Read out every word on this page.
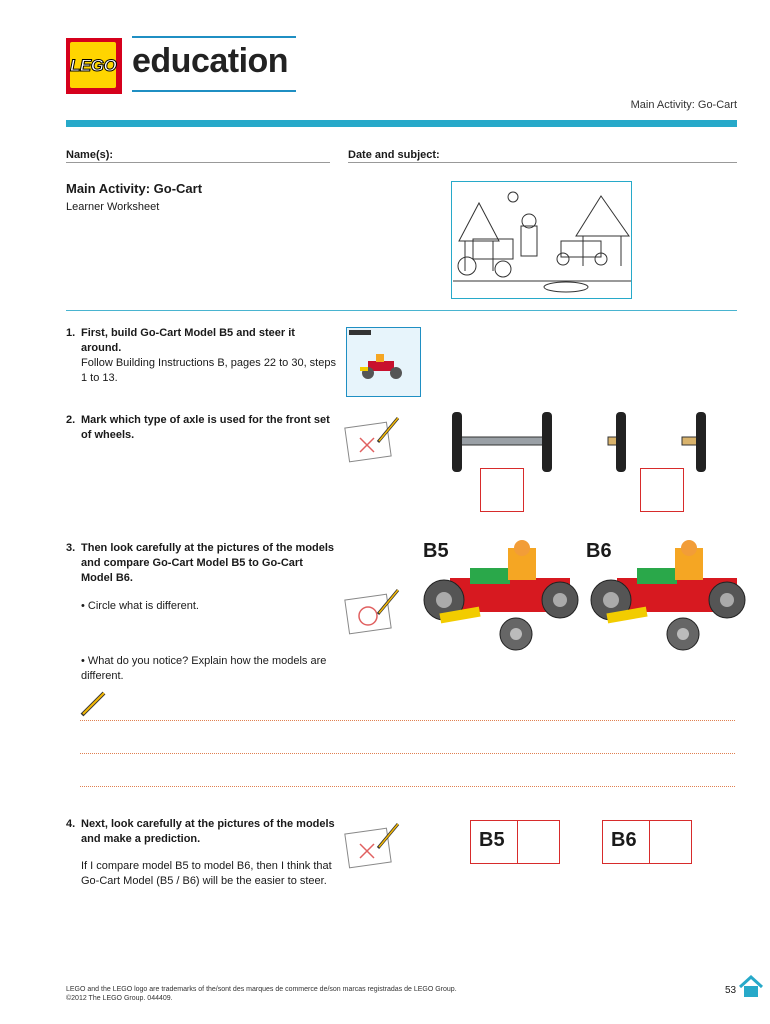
LEGO education
Main Activity: Go-Cart
Name(s):	Date and subject:
Main Activity: Go-Cart
Learner Worksheet
1. First, build Go-Cart Model B5 and steer it around.
Follow Building Instructions B, pages 22 to 30, steps 1 to 13.
2. Mark which type of axle is used for the front set of wheels.
3. Then look carefully at the pictures of the models and compare Go-Cart Model B5 to Go-Cart Model B6.
• Circle what is different.
• What do you notice? Explain how the models are different.
B5	B6
4. Next, look carefully at the pictures of the models and make a prediction.
If I compare model B5 to model B6, then I think that Go-Cart Model (B5 / B6) will be the easier to steer.
B5	B6
LEGO and the LEGO logo are trademarks of the/sont des marques de commerce de/son marcas registradas de LEGO Group.
©2012 The LEGO Group. 044409.
53
